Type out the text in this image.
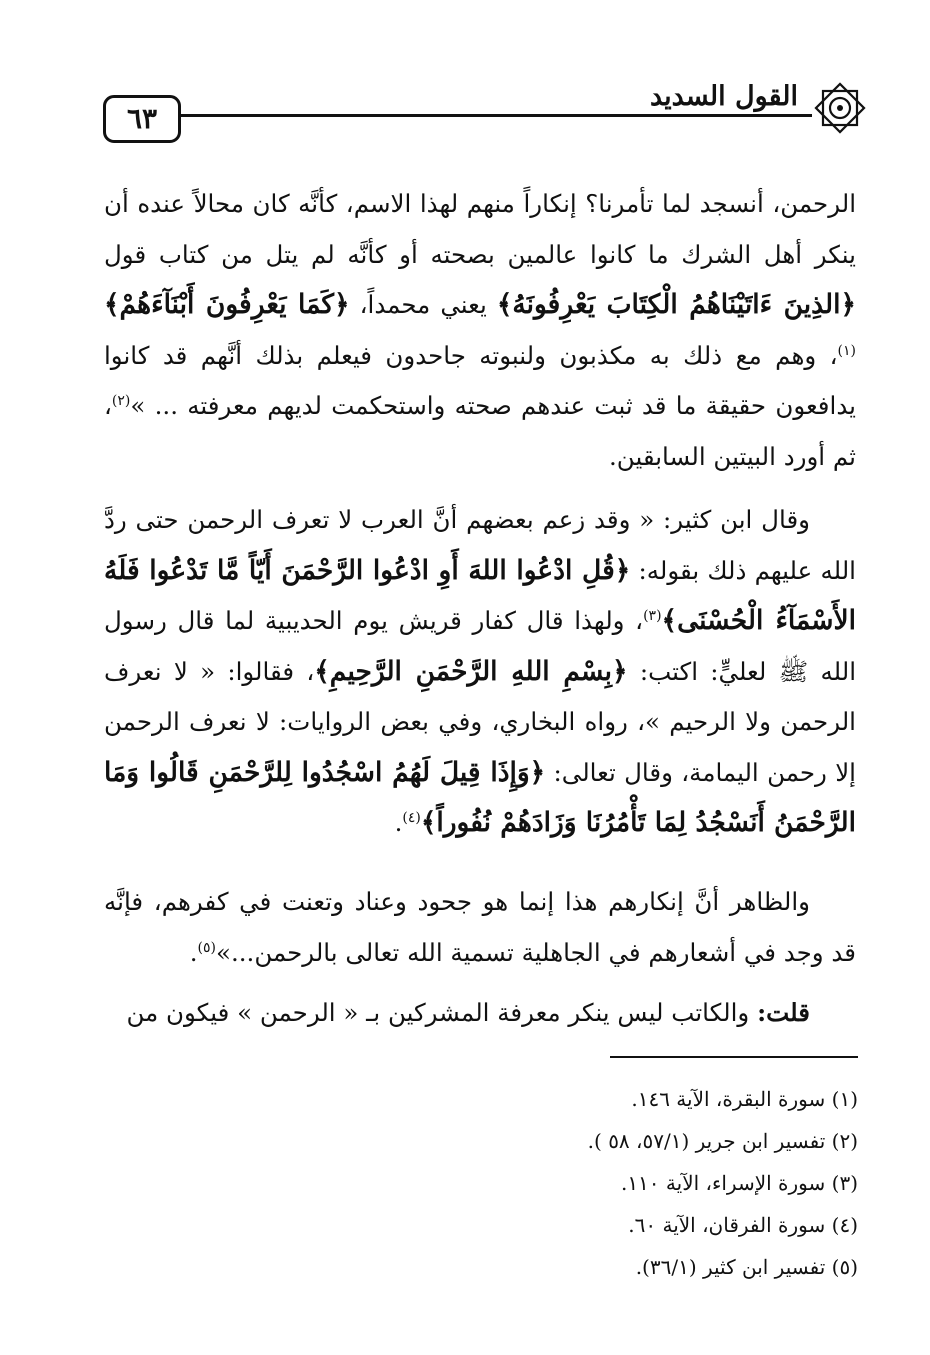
٦٣
القول السديد

الرحمن، أنسجد لما تأمرنا؟ إنكاراً منهم لهذا الاسم، كأنَّه كان محالاً عنده أن ينكر أهل الشرك ما كانوا عالمين بصحته أو كأنَّه لم يتل من كتاب قول ﴿الذِينَ ءَاتَيْنَاهُمُ الْكِتَابَ يَعْرِفُونَهُ﴾ يعني محمداً، ﴿كَمَا يَعْرِفُونَ أَبْنَآءَهُمْ﴾$^{(١)}$، وهم مع ذلك به مكذبون ولنبوته جاحدون فيعلم بذلك أنَّهم قد كانوا يدافعون حقيقة ما قد ثبت عندهم صحته واستحكمت لديهم معرفته ... »$^{(٢)}$، ثم أورد البيتين السابقين.

وقال ابن كثير: « وقد زعم بعضهم أنَّ العرب لا تعرف الرحمن حتى ردَّ الله عليهم ذلك بقوله: ﴿قُلِ ادْعُوا اللهَ أَوِ ادْعُوا الرَّحْمَنَ أَيّاً مَّا تَدْعُوا فَلَهُ الأَسْمَآءُ الْحُسْنَى﴾$^{(٣)}$، ولهذا قال كفار قريش يوم الحديبية لما قال رسول الله ﷺ لعليٍّ: اكتب: ﴿بِسْمِ اللهِ الرَّحْمَنِ الرَّحِيمِ﴾، فقالوا: « لا نعرف الرحمن ولا الرحيم »، رواه البخاري، وفي بعض الروايات: لا نعرف الرحمن إلا رحمن اليمامة، وقال تعالى: ﴿وَإِذَا قِيلَ لَهُمُ اسْجُدُوا لِلرَّحْمَنِ قَالُوا وَمَا الرَّحْمَنُ أَنَسْجُدُ لِمَا تَأْمُرُنَا وَزَادَهُمْ نُفُوراً﴾$^{(٤)}$.

والظاهر أنَّ إنكارهم هذا إنما هو جحود وعناد وتعنت في كفرهم، فإنَّه قد وجد في أشعارهم في الجاهلية تسمية الله تعالى بالرحمن...»$^{(٥)}$.

قلت: والكاتب ليس ينكر معرفة المشركين بـ « الرحمن » فيكون من

(١) سورة البقرة، الآية ١٤٦.
(٢) تفسير ابن جرير (٥٧/١، ٥٨ ).
(٣) سورة الإسراء، الآية ١١٠.
(٤) سورة الفرقان، الآية ٦٠.
(٥) تفسير ابن كثير (٣٦/١).
